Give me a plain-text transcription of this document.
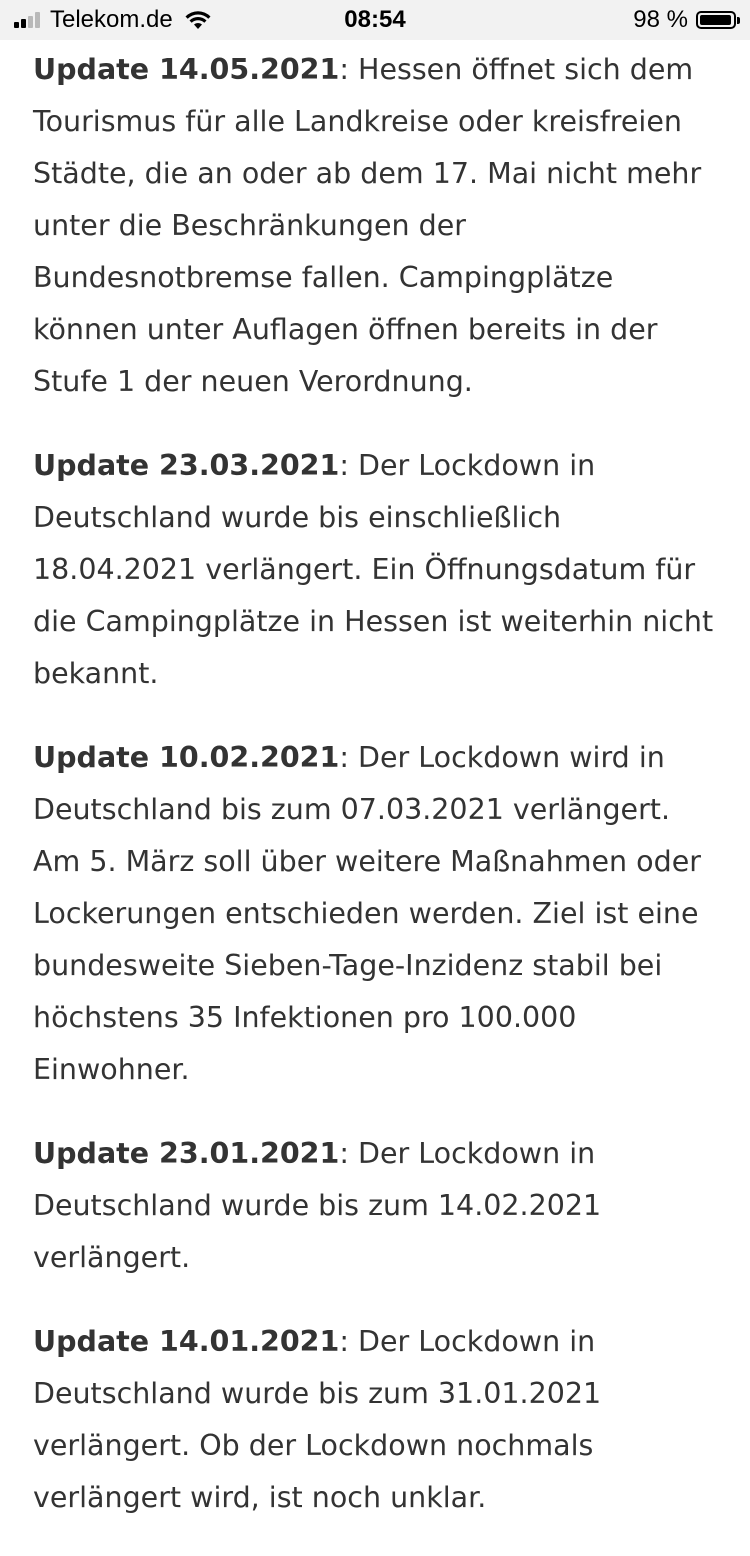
Telekom.de	08:54	98 %

Update 14.05.2021: Hessen öffnet sich dem Tourismus für alle Landkreise oder kreisfreien Städte, die an oder ab dem 17. Mai nicht mehr unter die Beschränkungen der Bundesnotbremse fallen. Campingplätze können unter Auflagen öffnen bereits in der Stufe 1 der neuen Verordnung.

Update 23.03.2021: Der Lockdown in Deutschland wurde bis einschließlich 18.04.2021 verlängert. Ein Öffnungsdatum für die Campingplätze in Hessen ist weiterhin nicht bekannt.

Update 10.02.2021: Der Lockdown wird in Deutschland bis zum 07.03.2021 verlängert. Am 5. März soll über weitere Maßnahmen oder Lockerungen entschieden werden. Ziel ist eine bundesweite Sieben-Tage-Inzidenz stabil bei höchstens 35 Infektionen pro 100.000 Einwohner.

Update 23.01.2021: Der Lockdown in Deutschland wurde bis zum 14.02.2021 verlängert.

Update 14.01.2021: Der Lockdown in Deutschland wurde bis zum 31.01.2021 verlängert. Ob der Lockdown nochmals verlängert wird, ist noch unklar.
